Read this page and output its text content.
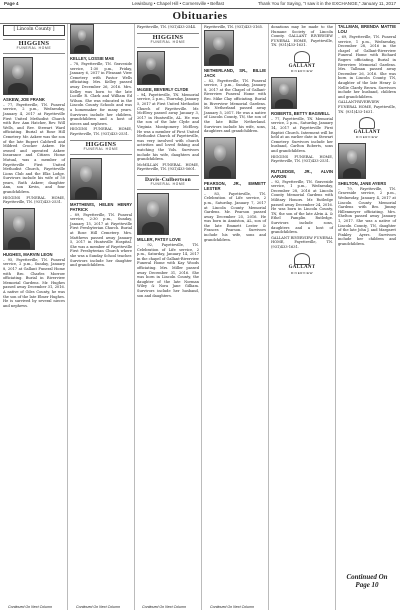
Page 4	Lewisburg • Chapel Hill • Cornersville • Belfast	Thank You for Saying, "I saw it in the EXCHANGE," January 11, 2017
Obituaries
[ Lincoln County ]
HIGGINS
FUNERAL HOME
ASKEW, JOE FRANK
– 77, Fayetteville, TN. Funeral service, 2 p.m., Wednesday, January 4, 2017 at Fayetteville First United Methodist Church with Rev. Ann Hatcher, Rev. Will Wells, and Rev. Stewart Ward officiating. Burial at Rose Hill Cemetery. Mr. Askew was the son of the late Rupert Caldwell and Mildred Crocker Askew. He owned and operated Askew Insurance and Citizen Home Mutual, was a member of Fayetteville First United Methodist Church, Fayetteville Lions Club and the Elks Lodge. Survivors include his wife of 50 years, Ruth Askew; daughter Ann, son Kevin, and four grandchildren.
HIGGINS FUNERAL HOME, Fayetteville, TN. (931)433-2531.
HUGHES, MARVIN LEON
– 95, Fayetteville, TN. Funeral service, 2 p.m., Sunday, January 8, 2017 at Gallant Funeral Home with Bro. Charles Morrow officiating. Burial in Riverview Memorial Gardens. Mr. Hughes passed away December 31, 2016. A native of Giles County, he was the son of the late Elmer Hughes. He is survived by several nieces and nephews.
Continued On Next Column
KELLEY, LOSSIE MAE
– 78, Fayetteville, TN. Graveside service, 1:30 p.m., Friday, January 6, 2017 in Pleasant View Cemetery with Pastor Wells officiating. Mrs. Kelley passed away December 26, 2016. Mrs. Kelley was born to the late Lucille R. Clark and William Ed Wilson. She was educated in the Lincoln County Schools and was a homemaker for many years. Survivors include her children, grandchildren and a host of nieces and nephews.
HIGGINS FUNERAL HOME, Fayetteville, TN. (931)433-2531.
HIGGINS
FUNERAL HOME
MATTHEWS, HELEN HENRY PATRICK
– 89, Fayetteville, TN. Funeral service, 2:30 p.m., Sunday, January 15, 2017 at Fayetteville First Presbyterian Church. Burial at Rose Hill Cemetery. Mrs. Matthews passed away January 5, 2017 in Huntsville Hospital. She was a member of Fayetteville First Presbyterian Church where she was a Sunday School teacher. Survivors include her daughter and grandchildren.
Continued On Next Column
Fayetteville, TN. (931)433-2544.
HIGGINS
FUNERAL HOME
McGEE, BEVERLY CLYDE
– 94, Fayetteville, TN. Memorial service, 2 p.m., Thursday, January 5, 2017 at First United Methodist Church of Fayetteville. Mr. McElroy passed away January 3, 2017 in Huntsville, AL. He was the son of the late Clyde and Virginia Montgomery McElroy. He was a member of First United Methodist Church of Fayetteville, was very involved with church activities and loved fishing and watching the Vols. Survivors include his wife, daughters and grandchildren.
McMILLAN FUNERAL HOME, Fayetteville, TN. (931)433-5601.
Davis-Culbertson
FUNERAL HOME
MILLER, PATSY LOVE
– 92, Fayetteville, TN. Celebration of Life service, 2 p.m., Saturday, January 14, 2017 in the chapel of Gallant-Riverview Funeral Home with Kay Woods officiating. Mrs. Miller passed away December 31, 2016. She was born in Lincoln County, the daughter of the late Norman Wiley & Nora Jane Gilliam. Survivors include her husband, son and daughters.
Continued On Next Column
Fayetteville, TN. (931)433-3165.
NETHERLAND, SR., BILLIE JACK
– 82, Fayetteville, TN. Funeral service, 1 p.m., Sunday, January 8, 2017 at the Chapel of Gallant-Riverview Funeral Home with Bro. Mike Clay officiating. Burial in Riverview Memorial Gardens. Mr. Netherland passed away January 5, 2017. He was a native of Lincoln County, TN, the son of the late Billie Netherland. Survivors include his wife, sons, daughters and grandchildren.
PEARSON, JR., EMMETT LESTER
– 83, Fayetteville, TN. Celebration of Life service, 2 p.m., Saturday, January 7, 2017 at Lincoln County Memorial Gardens. Mr. Pearson passed away December 25, 2016. He was born in Anniston, AL, son of the late Emmett Lester & Frances Pearson. Survivors include his wife, sons and grandchildren.
Continued On Next Column
donations may be made to the Humane Society of Lincoln County. GALLANT RIVERVIEW FUNERAL HOME, Fayetteville, TN. (931)433-1631.
GALLANT
RIVERVIEW
ROBERTS, BETTY BAGWELL
– 77, Fayetteville, TN. Memorial service, 2 p.m., Saturday, January 14, 2017 at Fayetteville First Baptist Church. Interment will be held at an earlier date in Stewart Cemetery. Survivors include her husband, Carlton Roberts, sons and grandchildren.
HIGGINS FUNERAL HOME, Fayetteville, TN. (931)433-2531.
RUTLEDGE, JR., ALVIN AARON
– 92, Fayetteville, TN. Graveside service, 1 p.m., Wednesday, December 28, 2016 at Lincoln County Memorial Gardens with Military Honors. Mr. Rutledge passed away December 24, 2016. He was born in Lincoln County, TN, the son of the late Alvin A. & Ethel Pamplin Rutledge. Survivors include sons, daughters and a host of grandchildren.
GALLANT RIVERVIEW FUNERAL HOME, Fayetteville, TN. (931)433-1631.
GALLANT
RIVERVIEW
TALLMAN, BRENDA MATTIE LOU
– 69, Fayetteville, TN. Funeral service, 1 p.m., Wednesday, December 28, 2016 in the chapel of Gallant-Riverview Funeral Home with Richard Rogers officiating. Burial in Riverview Memorial Gardens. Mrs. Tallman passed away December 26, 2016. She was born in Lincoln County, TN, daughter of the late Henry & Nellie Clardy Brown. Survivors include her husband, children and grandchildren.
GALLANT-RIVERVIEW FUNERAL HOME, Fayetteville, TN. (931)433-1631.
GALLANT
RIVERVIEW
SHELTON, JANE AYERS
– 79, Fayetteville, TN. Graveside service, 2 p.m., Wednesday, January 4, 2017 at Lincoln County Memorial Gardens with Bro. Jimmy Hillenmeyer officiating. Mrs. Shelton passed away January 1, 2017. She was a native of Lincoln County, TN, daughter of the late John J. and Margaret Pinkley Ayers. Survivors include her children and grandchildren.
Continued On
Page 10
